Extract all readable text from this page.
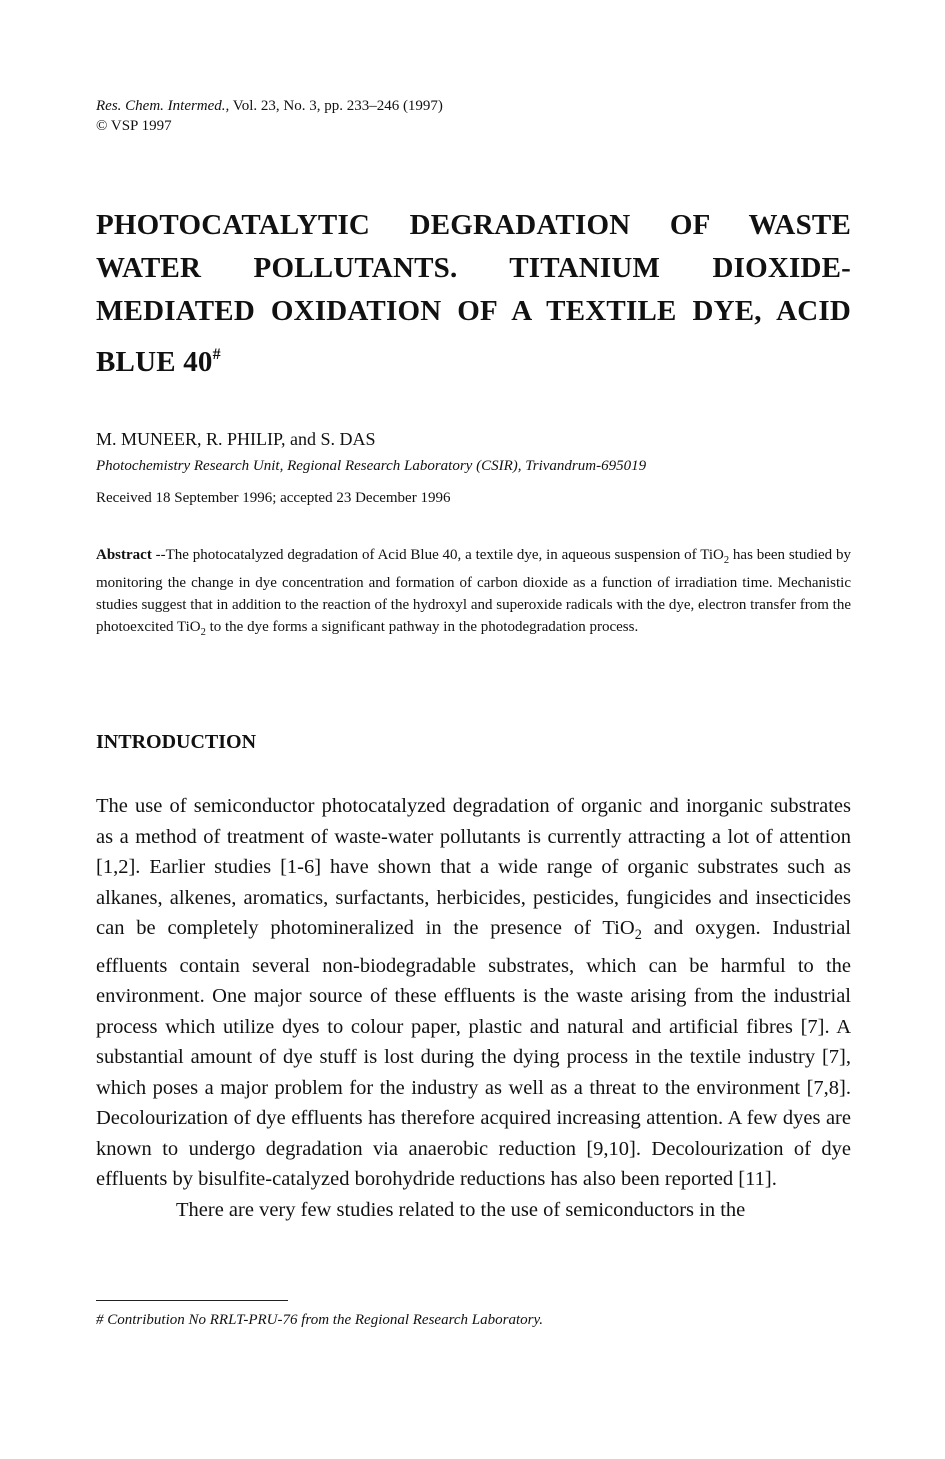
Res. Chem. Intermed., Vol. 23, No. 3, pp. 233–246 (1997)
© VSP 1997
PHOTOCATALYTIC DEGRADATION OF WASTE
WATER POLLUTANTS. TITANIUM DIOXIDE-
MEDIATED OXIDATION OF A TEXTILE DYE, ACID
BLUE 40#
M. MUNEER, R. PHILIP, and S. DAS
Photochemistry Research Unit, Regional Research Laboratory (CSIR), Trivandrum-695019
Received 18 September 1996; accepted 23 December 1996
Abstract --The photocatalyzed degradation of Acid Blue 40, a textile dye, in aqueous suspension of TiO$_2$ has been studied by monitoring the change in dye concentration and formation of carbon dioxide as a function of irradiation time. Mechanistic studies suggest that in addition to the reaction of the hydroxyl and superoxide radicals with the dye, electron transfer from the photoexcited TiO$_2$ to the dye forms a significant pathway in the photodegradation process.
INTRODUCTION

The use of semiconductor photocatalyzed degradation of organic and inorganic substrates as a method of treatment of waste-water pollutants is currently attracting a lot of attention [1,2]. Earlier studies [1-6] have shown that a wide range of organic substrates such as alkanes, alkenes, aromatics, surfactants, herbicides, pesticides, fungicides and insecticides can be completely photomineralized in the presence of TiO$_2$ and oxygen. Industrial effluents contain several non-biodegradable substrates, which can be harmful to the environment. One major source of these effluents is the waste arising from the industrial process which utilize dyes to colour paper, plastic and natural and artificial fibres [7]. A substantial amount of dye stuff is lost during the dying process in the textile industry [7], which poses a major problem for the industry as well as a threat to the environment [7,8]. Decolourization of dye effluents has therefore acquired increasing attention. A few dyes are known to undergo degradation via anaerobic reduction [9,10]. Decolourization of dye effluents by bisulfite-catalyzed borohydride reductions has also been reported [11].

There are very few studies related to the use of semiconductors in the

# Contribution No RRLT-PRU-76 from the Regional Research Laboratory.
